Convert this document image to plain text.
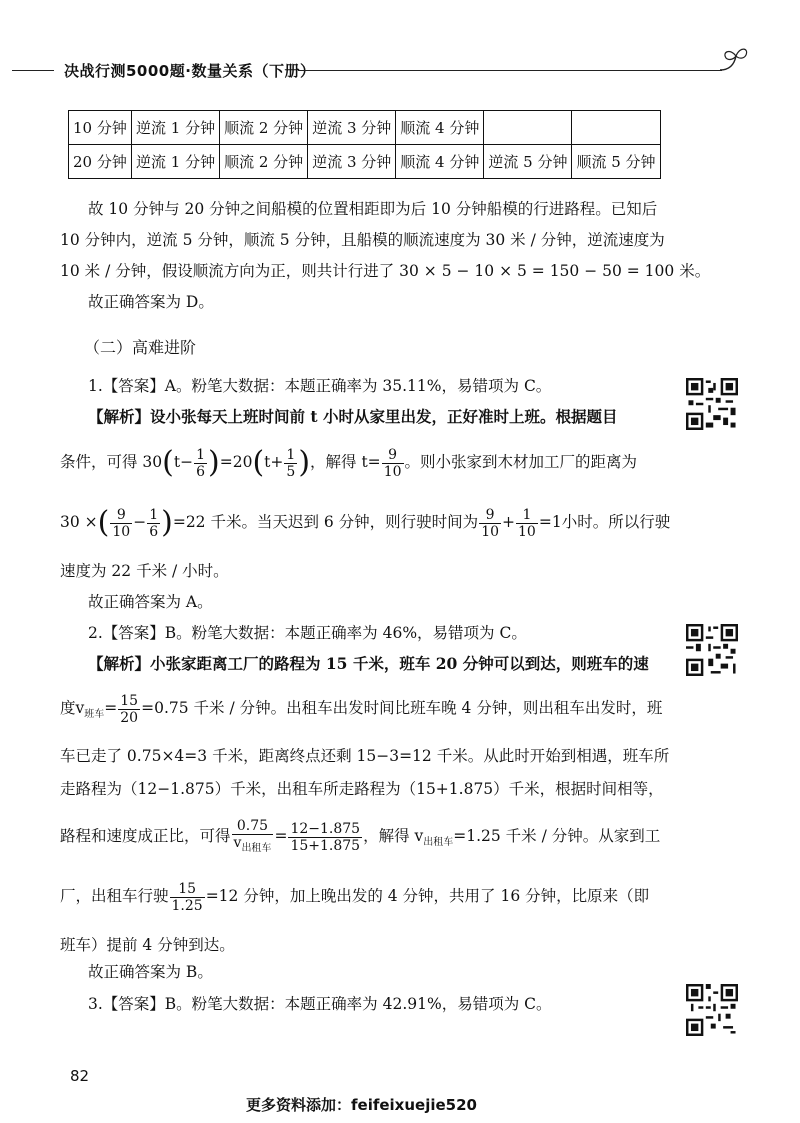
决战行测5000题·数量关系（下册）
10 分钟	逆流 1 分钟	顺流 2 分钟	逆流 3 分钟	顺流 4 分钟		
20 分钟	逆流 1 分钟	顺流 2 分钟	逆流 3 分钟	顺流 4 分钟	逆流 5 分钟	顺流 5 分钟
故 10 分钟与 20 分钟之间船模的位置相距即为后 10 分钟船模的行进路程。已知后
10 分钟内，逆流 5 分钟，顺流 5 分钟，且船模的顺流速度为 30 米 / 分钟，逆流速度为
10 米 / 分钟，假设顺流方向为正，则共计行进了 30 × 5 − 10 × 5 = 150 − 50 = 100 米。
故正确答案为 D。
（二）高难进阶
1.【答案】A。粉笔大数据：本题正确率为 35.11%，易错项为 C。
【解析】设小张每天上班时间前 t 小时从家里出发，正好准时上班。根据题目
条件，可得 $30(t- \frac{1}{6} )=20(t+ \frac{1}{5}$ )，解得 $t= \frac{9}{10}$ 。则小张家到木材加工厂的距离为
30 ×( $\frac{9}{10} - \frac{1}{6} )=22$ 千米。当天迟到 6 分钟，则行驶时间为 $\frac{9}{10} + \frac{1}{10} =1$小时。所以行驶
速度为 22 千米 / 小时。
故正确答案为 A。
2.【答案】B。粉笔大数据：本题正确率为 46%，易错项为 C。
【解析】小张家距离工厂的路程为 15 千米，班车 20 分钟可以到达，则班车的速
度$v_{班车}= \frac{15}{20} =0.75$ 千米 / 分钟。出租车出发时间比班车晚 4 分钟，则出租车出发时，班
车已走了 0.75×4=3 千米，距离终点还剩 15−3=12 千米。从此时开始到相遇，班车所
走路程为（12−1.875）千米，出租车所走路程为（15+1.875）千米，根据时间相等，
路程和速度成正比，可得 $\frac{0.75}{v_{出租车}} = \frac{12-1.875}{15+1.875}$ ，解得 $v_{出租车}=1.25$ 千米 / 分钟。从家到工
厂，出租车行驶 $\frac{15}{1.25} =12$ 分钟，加上晚出发的 4 分钟，共用了 16 分钟，比原来（即
班车）提前 4 分钟到达。
故正确答案为 B。
3.【答案】B。粉笔大数据：本题正确率为 42.91%，易错项为 C。
82
更多资料添加：feifeixuejie520
